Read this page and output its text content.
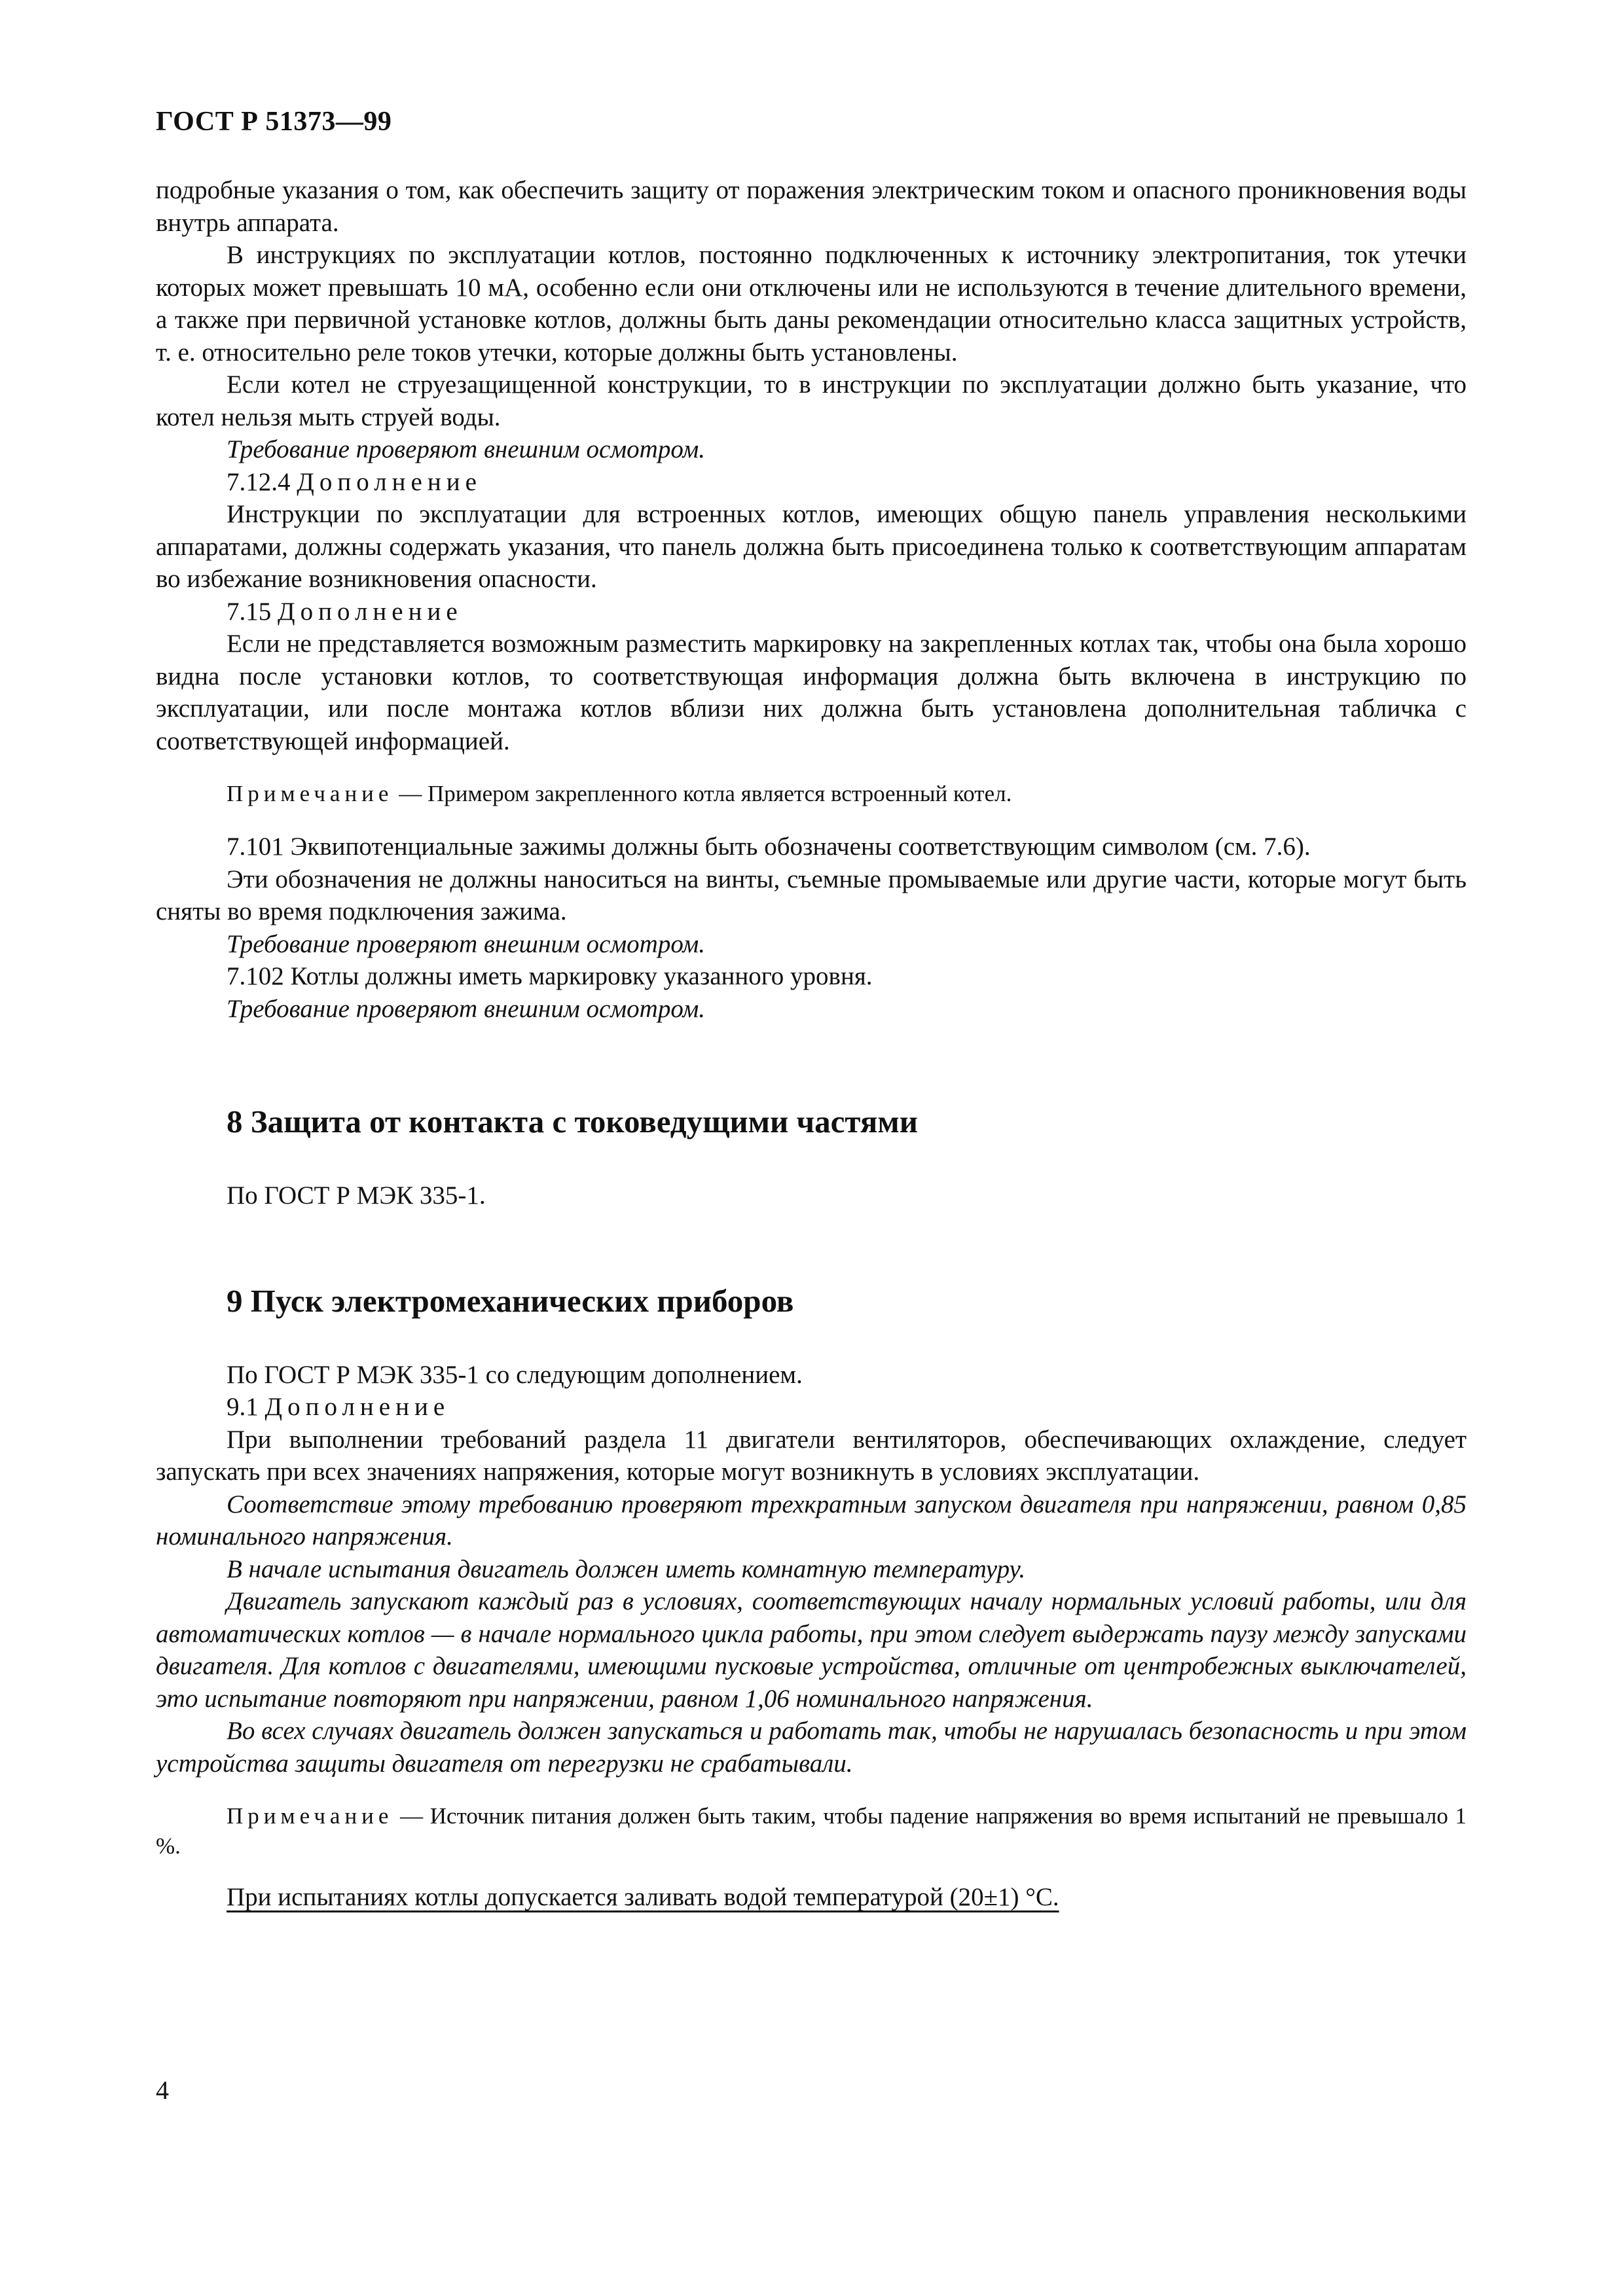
ГОСТ Р 51373—99

подробные указания о том, как обеспечить защиту от поражения электрическим током и опасного проникновения воды внутрь аппарата.

В инструкциях по эксплуатации котлов, постоянно подключенных к источнику электропитания, ток утечки которых может превышать 10 мА, особенно если они отключены или не используются в течение длительного времени, а также при первичной установке котлов, должны быть даны рекомендации относительно класса защитных устройств, т. е. относительно реле токов утечки, которые должны быть установлены.

Если котел не струезащищенной конструкции, то в инструкции по эксплуатации должно быть указание, что котел нельзя мыть струей воды.

Требование проверяют внешним осмотром.

7.12.4 Дополнение

Инструкции по эксплуатации для встроенных котлов, имеющих общую панель управления несколькими аппаратами, должны содержать указания, что панель должна быть присоединена только к соответствующим аппаратам во избежание возникновения опасности.

7.15 Дополнение

Если не представляется возможным разместить маркировку на закрепленных котлах так, чтобы она была хорошо видна после установки котлов, то соответствующая информация должна быть включена в инструкцию по эксплуатации, или после монтажа котлов вблизи них должна быть установлена дополнительная табличка с соответствующей информацией.

Примечание — Примером закрепленного котла является встроенный котел.

7.101 Эквипотенциальные зажимы должны быть обозначены соответствующим символом (см. 7.6).

Эти обозначения не должны наноситься на винты, съемные промываемые или другие части, которые могут быть сняты во время подключения зажима.

Требование проверяют внешним осмотром.

7.102 Котлы должны иметь маркировку указанного уровня.

Требование проверяют внешним осмотром.

8 Защита от контакта с токоведущими частями

По ГОСТ Р МЭК 335-1.

9 Пуск электромеханических приборов

По ГОСТ Р МЭК 335-1 со следующим дополнением.

9.1 Дополнение

При выполнении требований раздела 11 двигатели вентиляторов, обеспечивающих охлаждение, следует запускать при всех значениях напряжения, которые могут возникнуть в условиях эксплуатации.

Соответствие этому требованию проверяют трехкратным запуском двигателя при напряжении, равном 0,85 номинального напряжения.

В начале испытания двигатель должен иметь комнатную температуру.

Двигатель запускают каждый раз в условиях, соответствующих началу нормальных условий работы, или для автоматических котлов — в начале нормального цикла работы, при этом следует выдержать паузу между запусками двигателя. Для котлов с двигателями, имеющими пусковые устройства, отличные от центробежных выключателей, это испытание повторяют при напряжении, равном 1,06 номинального напряжения.

Во всех случаях двигатель должен запускаться и работать так, чтобы не нарушалась безопасность и при этом устройства защиты двигателя от перегрузки не срабатывали.

Примечание — Источник питания должен быть таким, чтобы падение напряжения во время испытаний не превышало 1 %.

При испытаниях котлы допускается заливать водой температурой (20±1) °С.

4
